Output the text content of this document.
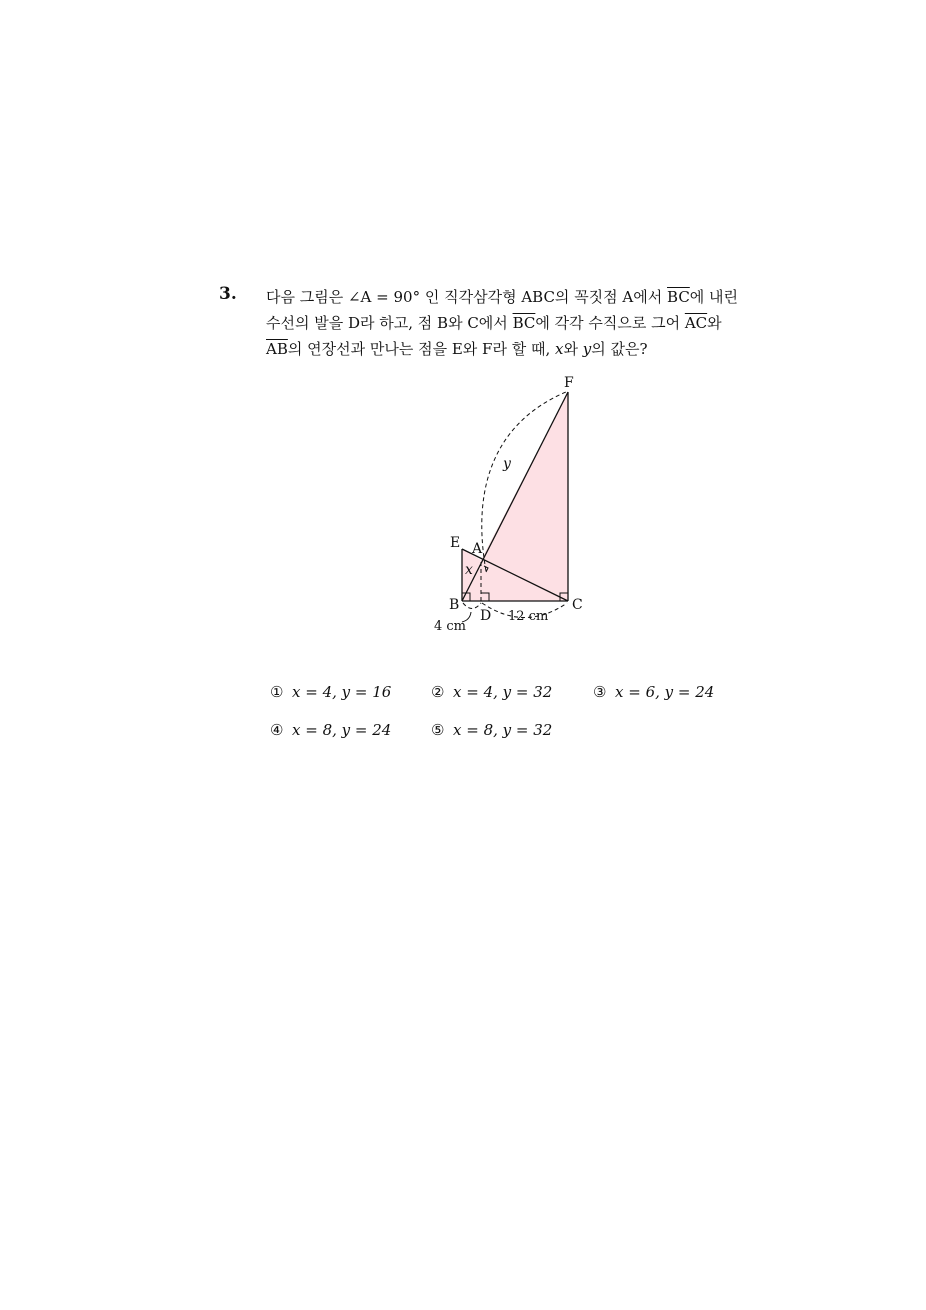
3. 다음 그림은 ∠A = 90° 인 직각삼각형 ABC의 꼭짓점 A에서 $\overline{BC}$에 내린
수선의 발을 D라 하고, 점 B와 C에서 $\overline{BC}$에 각각 수직으로 그어 $\overline{AC}$와
$\overline{AB}$의 연장선과 만나는 점을 E와 F라 할 때, x와 y의 값은?
F
E A
B	C
D
x
y
4 cm
12 cm
① x = 4, y = 16	② x = 4, y = 32	③ x = 6, y = 24
④ x = 8, y = 24	⑤ x = 8, y = 32
